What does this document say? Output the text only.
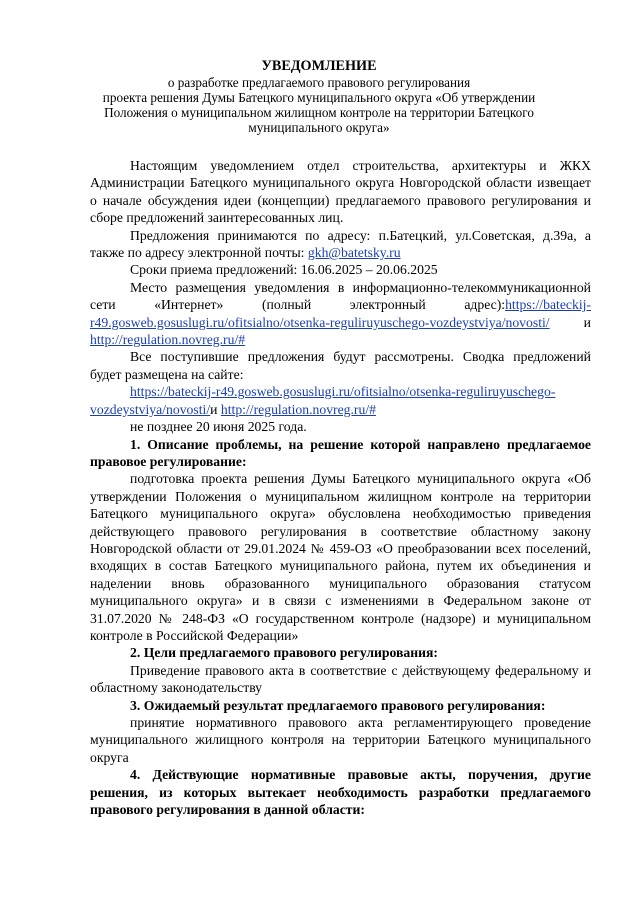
УВЕДОМЛЕНИЕ
о разработке предлагаемого правового регулирования
проекта решения Думы Батецкого муниципального округа «Об утверждении
Положения о муниципальном жилищном контроле на территории Батецкого
муниципального округа»

Настоящим уведомлением отдел строительства, архитектуры и ЖКХ Администрации Батецкого муниципального округа Новгородской области извещает о начале обсуждения идеи (концепции) предлагаемого правового регулирования и сборе предложений заинтересованных лиц.

Предложения принимаются по адресу: п.Батецкий, ул.Советская, д.39а, а также по адресу электронной почты: gkh@batetsky.ru

Сроки приема предложений: 16.06.2025 – 20.06.2025

Место размещения уведомления в информационно-телекоммуникационной сети «Интернет» (полный электронный адрес):https://bateckij-r49.gosweb.gosuslugi.ru/ofitsialno/otsenka-reguliruyuschego-vozdeystviya/novosti/ и http://regulation.novreg.ru/#

Все поступившие предложения будут рассмотрены. Сводка предложений будет размещена на сайте:

https://bateckij-r49.gosweb.gosuslugi.ru/ofitsialno/otsenka-reguliruyuschego-vozdeystviya/novosti/и http://regulation.novreg.ru/#

не позднее 20 июня 2025 года.

1. Описание проблемы, на решение которой направлено предлагаемое правовое регулирование:

подготовка проекта решения Думы Батецкого муниципального округа «Об утверждении Положения о муниципальном жилищном контроле на территории Батецкого муниципального округа» обусловлена необходимостью приведения действующего правового регулирования в соответствие областному закону Новгородской области от 29.01.2024 № 459-ОЗ «О преобразовании всех поселений, входящих в состав Батецкого муниципального района, путем их объединения и наделении вновь образованного муниципального образования статусом муниципального округа» и в связи с изменениями в Федеральном законе от 31.07.2020 № 248-ФЗ «О государственном контроле (надзоре) и муниципальном контроле в Российской Федерации»

2. Цели предлагаемого правового регулирования:

Приведение правового акта в соответствие с действующему федеральному и областному законодательству

3. Ожидаемый результат предлагаемого правового регулирования:

принятие нормативного правового акта регламентирующего проведение муниципального жилищного контроля на территории Батецкого муниципального округа

4. Действующие нормативные правовые акты, поручения, другие решения, из которых вытекает необходимость разработки предлагаемого правового регулирования в данной области:
